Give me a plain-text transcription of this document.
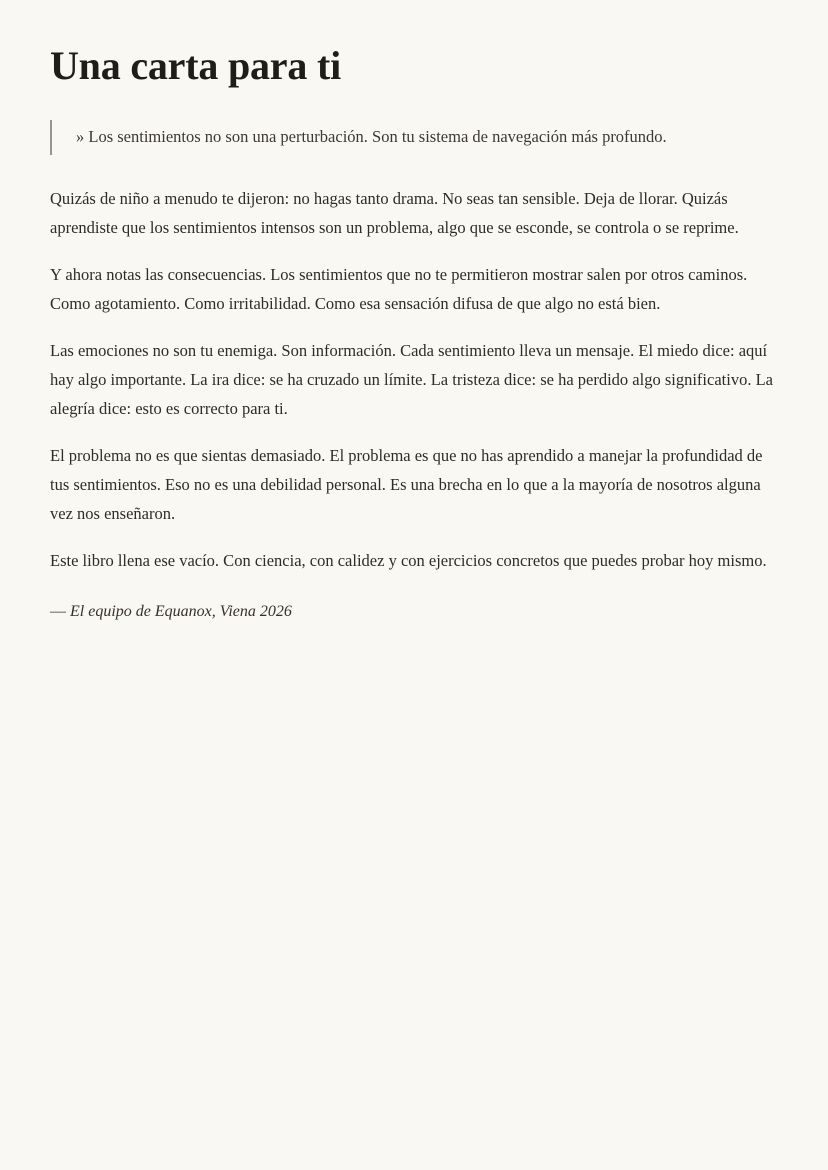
Una carta para ti

» Los sentimientos no son una perturbación. Son tu sistema de navegación más profundo.

Quizás de niño a menudo te dijeron: no hagas tanto drama. No seas tan sensible. Deja de llorar. Quizás aprendiste que los sentimientos intensos son un problema, algo que se esconde, se controla o se reprime.

Y ahora notas las consecuencias. Los sentimientos que no te permitieron mostrar salen por otros caminos. Como agotamiento. Como irritabilidad. Como esa sensación difusa de que algo no está bien.

Las emociones no son tu enemiga. Son información. Cada sentimiento lleva un mensaje. El miedo dice: aquí hay algo importante. La ira dice: se ha cruzado un límite. La tristeza dice: se ha perdido algo significativo. La alegría dice: esto es correcto para ti.

El problema no es que sientas demasiado. El problema es que no has aprendido a manejar la profundidad de tus sentimientos. Eso no es una debilidad personal. Es una brecha en lo que a la mayoría de nosotros alguna vez nos enseñaron.

Este libro llena ese vacío. Con ciencia, con calidez y con ejercicios concretos que puedes probar hoy mismo.

— El equipo de Equanox, Viena 2026
